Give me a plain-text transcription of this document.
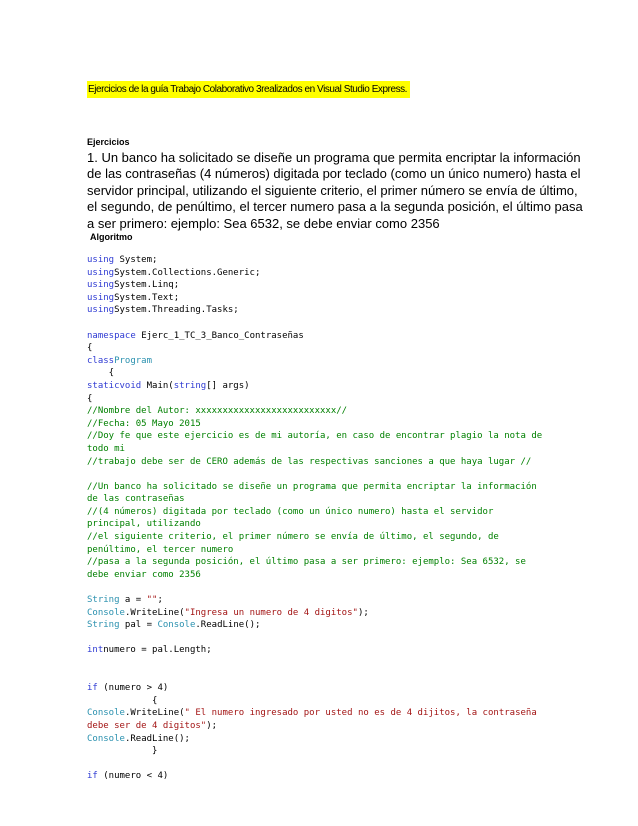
Ejercicios de la guía Trabajo Colaborativo 3realizados en Visual Studio Express.
Ejercicios
1. Un banco ha solicitado se diseñe un programa que permita encriptar la información
de las contraseñas (4 números) digitada por teclado (como un único numero) hasta el
servidor principal, utilizando el siguiente criterio, el primer número se envía de último,
el segundo, de penúltimo, el tercer numero pasa a la segunda posición, el último pasa
a ser primero: ejemplo: Sea 6532, se debe enviar como 2356
Algoritmo
using System;
usingSystem.Collections.Generic;
usingSystem.Linq;
usingSystem.Text;
usingSystem.Threading.Tasks;
namespace Ejerc_1_TC_3_Banco_Contraseñas
{
classProgram
{
staticvoid Main(string[] args)
{
//Nombre del Autor: xxxxxxxxxxxxxxxxxxxxxxxxxx//
//Fecha: 05 Mayo 2015
//Doy fe que este ejercicio es de mi autoría, en caso de encontrar plagio la nota de
todo mi
//trabajo debe ser de CERO además de las respectivas sanciones a que haya lugar //
//Un banco ha solicitado se diseñe un programa que permita encriptar la información
de las contraseñas
//(4 números) digitada por teclado (como un único numero) hasta el servidor
principal, utilizando
//el siguiente criterio, el primer número se envía de último, el segundo, de
penúltimo, el tercer numero
//pasa a la segunda posición, el último pasa a ser primero: ejemplo: Sea 6532, se
debe enviar como 2356
String a = "";
Console.WriteLine("Ingresa un numero de 4 digitos");
String pal = Console.ReadLine();
intnumero = pal.Length;
if (numero > 4)
{
Console.WriteLine(" El numero ingresado por usted no es de 4 dijitos, la contraseña
debe ser de 4 digitos");
Console.ReadLine();
}
if (numero < 4)
